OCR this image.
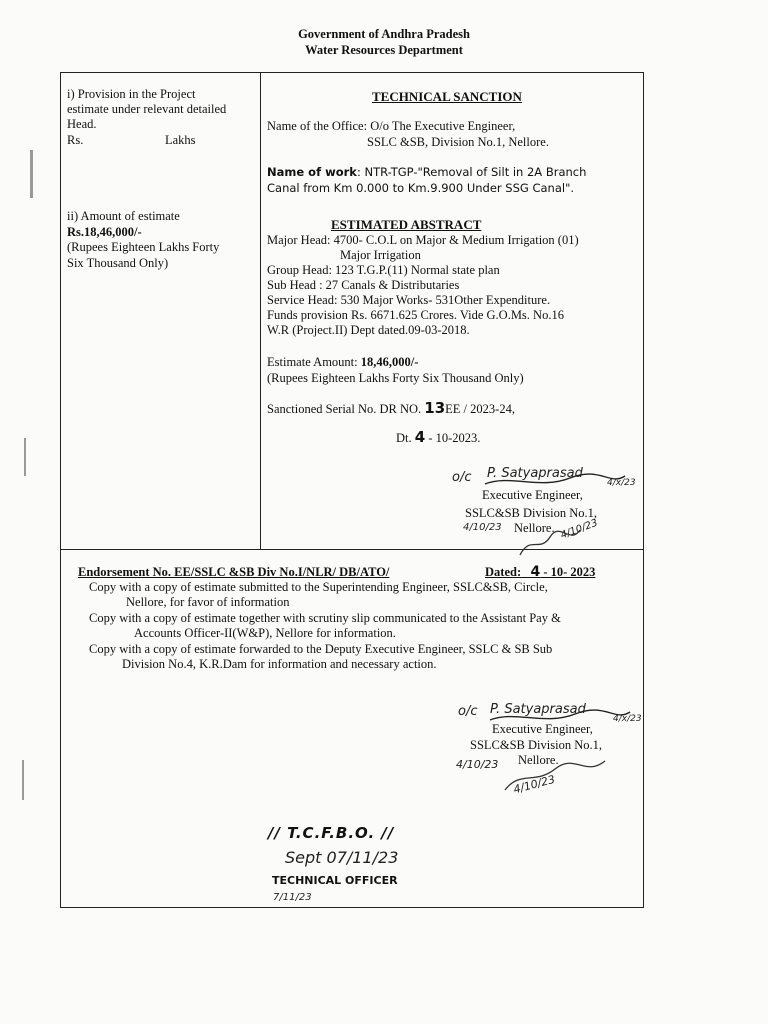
Government of Andhra Pradesh
Water Resources Department
i) Provision in the Project
estimate under relevant detailed
Head.
Rs.	Lakhs
ii) Amount of estimate
Rs.18,46,000/-
(Rupees Eighteen Lakhs Forty
Six Thousand Only)
TECHNICAL SANCTION
Name of the Office: O/o The Executive Engineer,
SSLC &SB, Division No.1, Nellore.
Name of work: NTR-TGP-"Removal of Silt in 2A Branch
Canal from Km 0.000 to Km.9.900 Under SSG Canal".
ESTIMATED ABSTRACT
Major Head: 4700- C.O.L on Major & Medium Irrigation (01)
Major Irrigation
Group Head: 123 T.G.P.(11) Normal state plan
Sub Head : 27 Canals & Distributaries
Service Head: 530 Major Works- 531Other Expenditure.
Funds provision Rs. 6671.625 Crores. Vide G.O.Ms. No.16
W.R (Project.II) Dept dated.09-03-2018.
Estimate Amount: 18,46,000/-
(Rupees Eighteen Lakhs Forty Six Thousand Only)
Sanctioned Serial No. DR NO. 13EE / 2023-24,
Dt. 4 - 10-2023.
o/c P. Satyaprasad
4/x/23
Executive Engineer,
SSLC&SB Division No.1,
Nellore.
4/10/23	4/10/23
Endorsement No. EE/SSLC &SB Div No.I/NLR/ DB/ATO/	Dated: 4 - 10- 2023
Copy with a copy of estimate submitted to the Superintending Engineer, SSLC&SB, Circle,
Nellore, for favor of information
Copy with a copy of estimate together with scrutiny slip communicated to the Assistant Pay &
Accounts Officer-II(W&P), Nellore for information.
Copy with a copy of estimate forwarded to the Deputy Executive Engineer, SSLC & SB Sub
Division No.4, K.R.Dam for information and necessary action.
o/c P. Satyaprasad
4/x/23
Executive Engineer,
SSLC&SB Division No.1,
Nellore.
4/10/23
4/10/23
// T.C.F.B.O. //
Sept 07/11/23
TECHNICAL OFFICER
7/11/23
